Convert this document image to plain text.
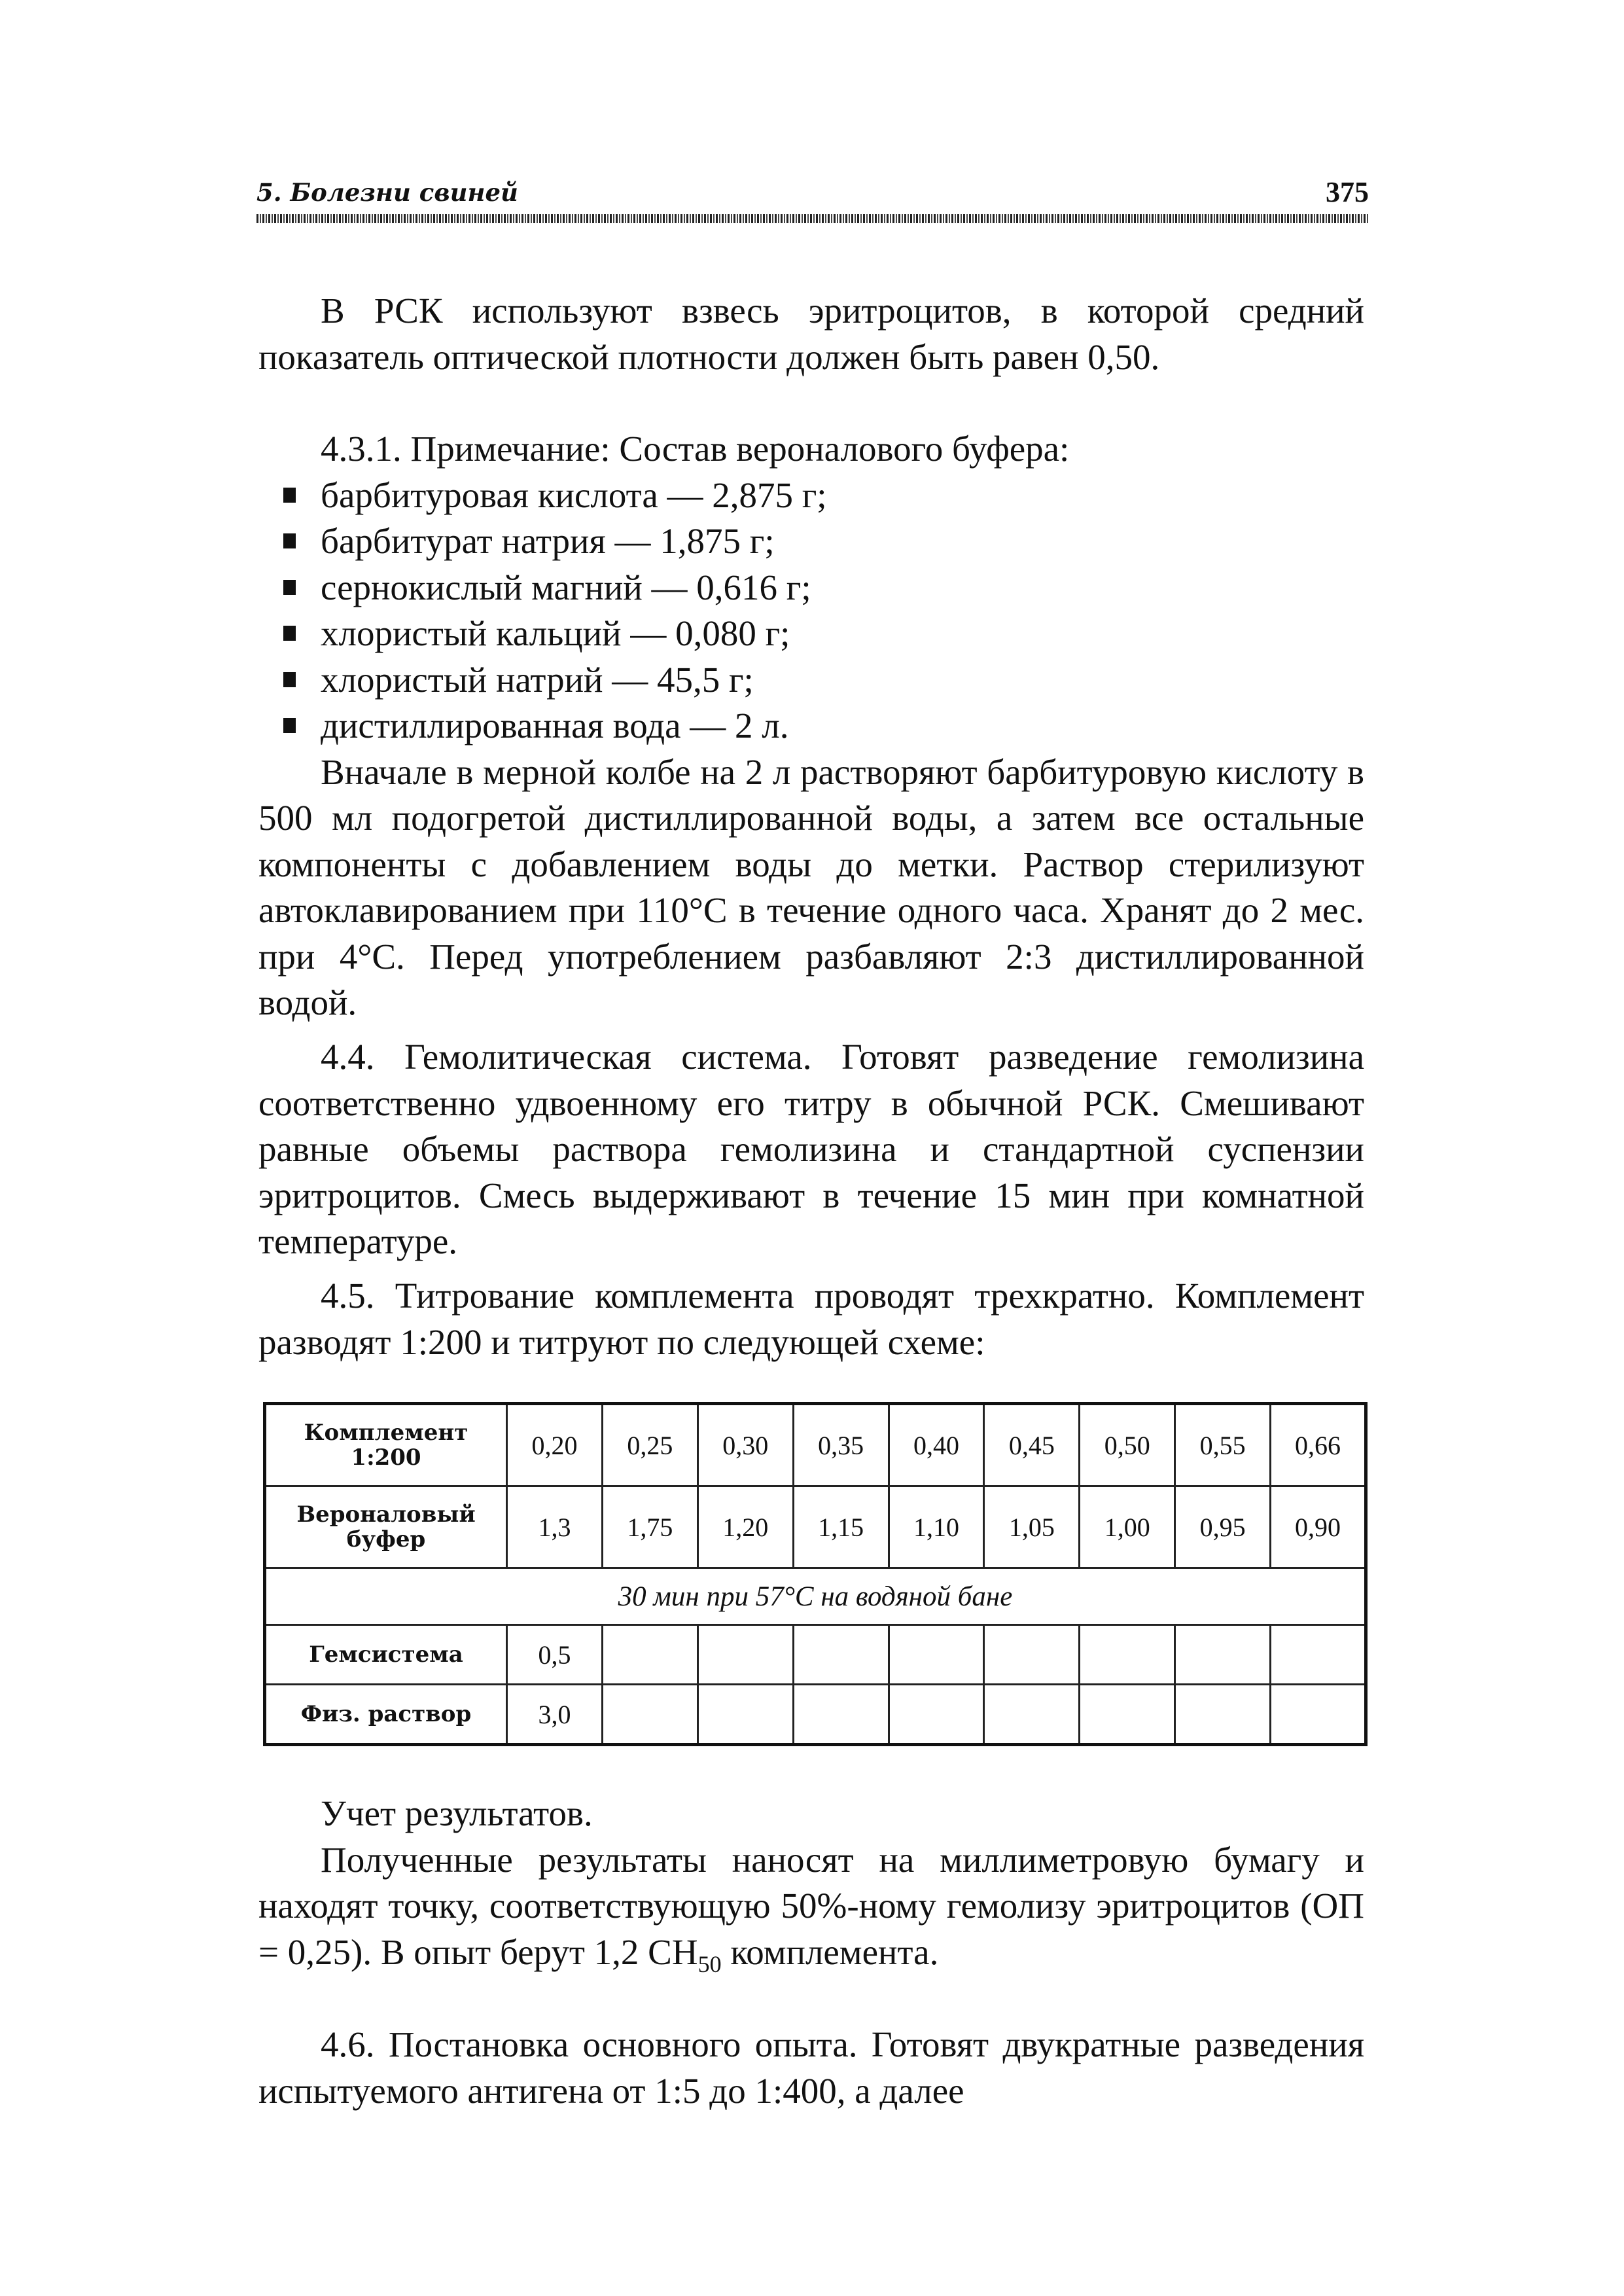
5. Болезни свиней	375

В РСК используют взвесь эритроцитов, в которой средний показатель оптической плотности должен быть равен 0,50.

4.3.1. Примечание: Состав вероналового буфера:

барбитуровая кислота — 2,875 г;
барбитурат натрия — 1,875 г;
сернокислый магний — 0,616 г;
хлористый кальций — 0,080 г;
хлористый натрий — 45,5 г;
дистиллированная вода — 2 л.

Вначале в мерной колбе на 2 л растворяют барбитуровую кислоту в 500 мл подогретой дистиллированной воды, а затем все остальные компоненты с добавлением воды до метки. Раствор стерилизуют автоклавированием при 110°С в течение одного часа. Хранят до 2 мес. при 4°С. Перед употреблением разбавляют 2:3 дистиллированной водой.

4.4. Гемолитическая система. Готовят разведение гемолизина соответственно удвоенному его титру в обычной РСК. Смешивают равные объемы раствора гемолизина и стандартной суспензии эритроцитов. Смесь выдерживают в течение 15 мин при комнатной температуре.

4.5. Титрование комплемента проводят трехкратно. Комплемент разводят 1:200 и титруют по следующей схеме:

Комплемент
1:200	0,20	0,25	0,30	0,35	0,40	0,45	0,50	0,55	0,66
Вероналовый
буфер	1,3	1,75	1,20	1,15	1,10	1,05	1,00	0,95	0,90
30 мин при 57°С на водяной бане									
Гемсистема	0,5								
Физ. раствор	3,0								

Учет результатов.

Полученные результаты наносят на миллиметровую бумагу и находят точку, соответствующую 50%-ному гемолизу эритроцитов (ОП = 0,25). В опыт берут 1,2 $СН_{50}$ комплемента.

4.6. Постановка основного опыта. Готовят двукратные разведения испытуемого антигена от 1:5 до 1:400, а далее
